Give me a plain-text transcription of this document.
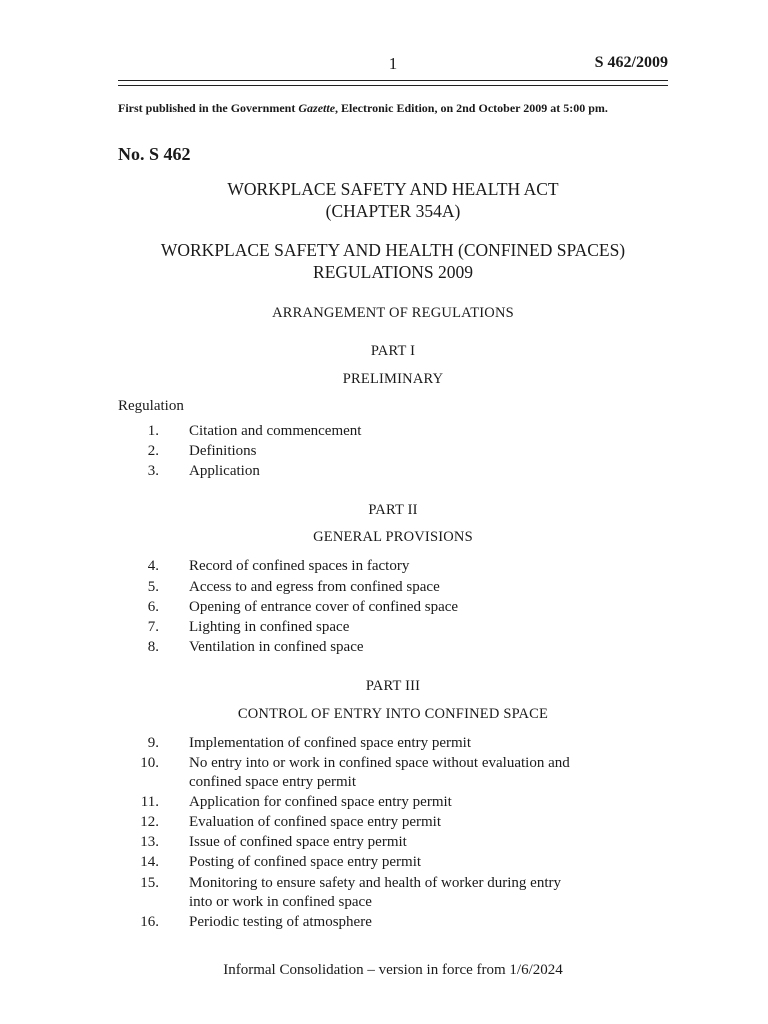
1	S 462/2009
First published in the Government Gazette, Electronic Edition, on 2nd October 2009 at 5:00 pm.
No. S 462
WORKPLACE SAFETY AND HEALTH ACT
(CHAPTER 354A)
WORKPLACE SAFETY AND HEALTH (CONFINED SPACES)
REGULATIONS 2009
ARRANGEMENT OF REGULATIONS
PART I
PRELIMINARY
Regulation
1. Citation and commencement
2. Definitions
3. Application
PART II
GENERAL PROVISIONS
4. Record of confined spaces in factory
5. Access to and egress from confined space
6. Opening of entrance cover of confined space
7. Lighting in confined space
8. Ventilation in confined space
PART III
CONTROL OF ENTRY INTO CONFINED SPACE
9. Implementation of confined space entry permit
10. No entry into or work in confined space without evaluation and
confined space entry permit
11. Application for confined space entry permit
12. Evaluation of confined space entry permit
13. Issue of confined space entry permit
14. Posting of confined space entry permit
15. Monitoring to ensure safety and health of worker during entry
into or work in confined space
16. Periodic testing of atmosphere
Informal Consolidation – version in force from 1/6/2024
